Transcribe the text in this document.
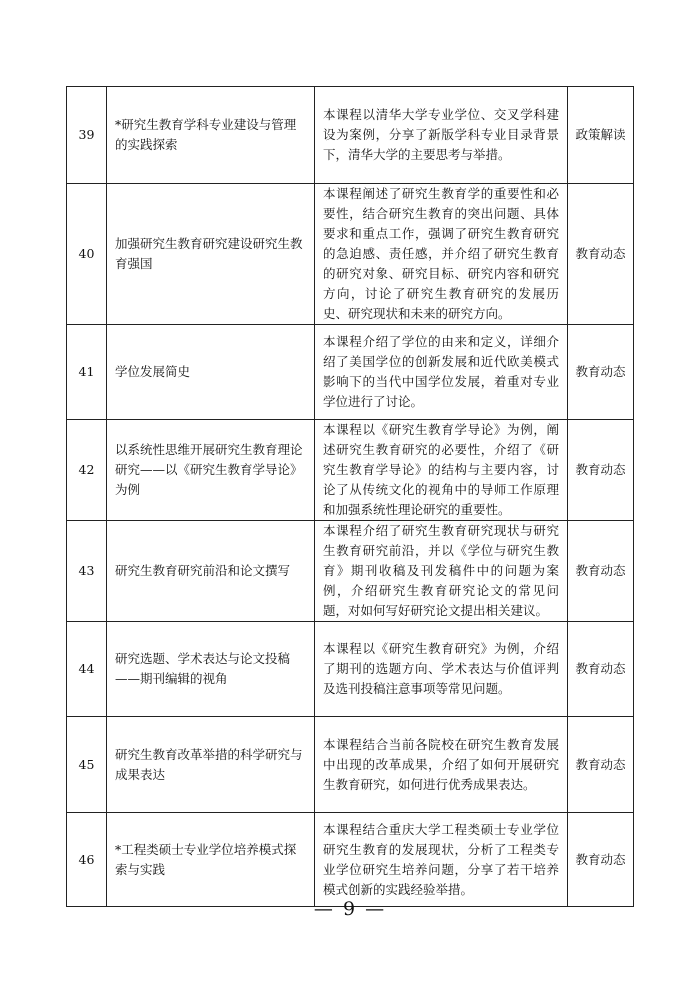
39	*研究生教育学科专业建设与管理的实践探索	本课程以清华大学专业学位、交叉学科建设为案例，分享了新版学科专业目录背景下，清华大学的主要思考与举措。	政策解读
40	加强研究生教育研究建设研究生教育强国	本课程阐述了研究生教育学的重要性和必要性，结合研究生教育的突出问题、具体要求和重点工作，强调了研究生教育研究的急迫感、责任感，并介绍了研究生教育的研究对象、研究目标、研究内容和研究方向，讨论了研究生教育研究的发展历史、研究现状和未来的研究方向。	教育动态
41	学位发展简史	本课程介绍了学位的由来和定义，详细介绍了美国学位的创新发展和近代欧美模式影响下的当代中国学位发展，着重对专业学位进行了讨论。	教育动态
42	以系统性思维开展研究生教育理论研究——以《研究生教育学导论》为例	本课程以《研究生教育学导论》为例，阐述研究生教育研究的必要性，介绍了《研究生教育学导论》的结构与主要内容，讨论了从传统文化的视角中的导师工作原理和加强系统性理论研究的重要性。	教育动态
43	研究生教育研究前沿和论文撰写	本课程介绍了研究生教育研究现状与研究生教育研究前沿，并以《学位与研究生教育》期刊收稿及刊发稿件中的问题为案例，介绍研究生教育研究论文的常见问题，对如何写好研究论文提出相关建议。	教育动态
44	研究选题、学术表达与论文投稿——期刊编辑的视角	本课程以《研究生教育研究》为例，介绍了期刊的选题方向、学术表达与价值评判及选刊投稿注意事项等常见问题。	教育动态
45	研究生教育改革举措的科学研究与成果表达	本课程结合当前各院校在研究生教育发展中出现的改革成果，介绍了如何开展研究生教育研究，如何进行优秀成果表达。	教育动态
46	*工程类硕士专业学位培养模式探索与实践	本课程结合重庆大学工程类硕士专业学位研究生教育的发展现状，分析了工程类专业学位研究生培养问题，分享了若干培养模式创新的实践经验举措。	教育动态
— 9 —
